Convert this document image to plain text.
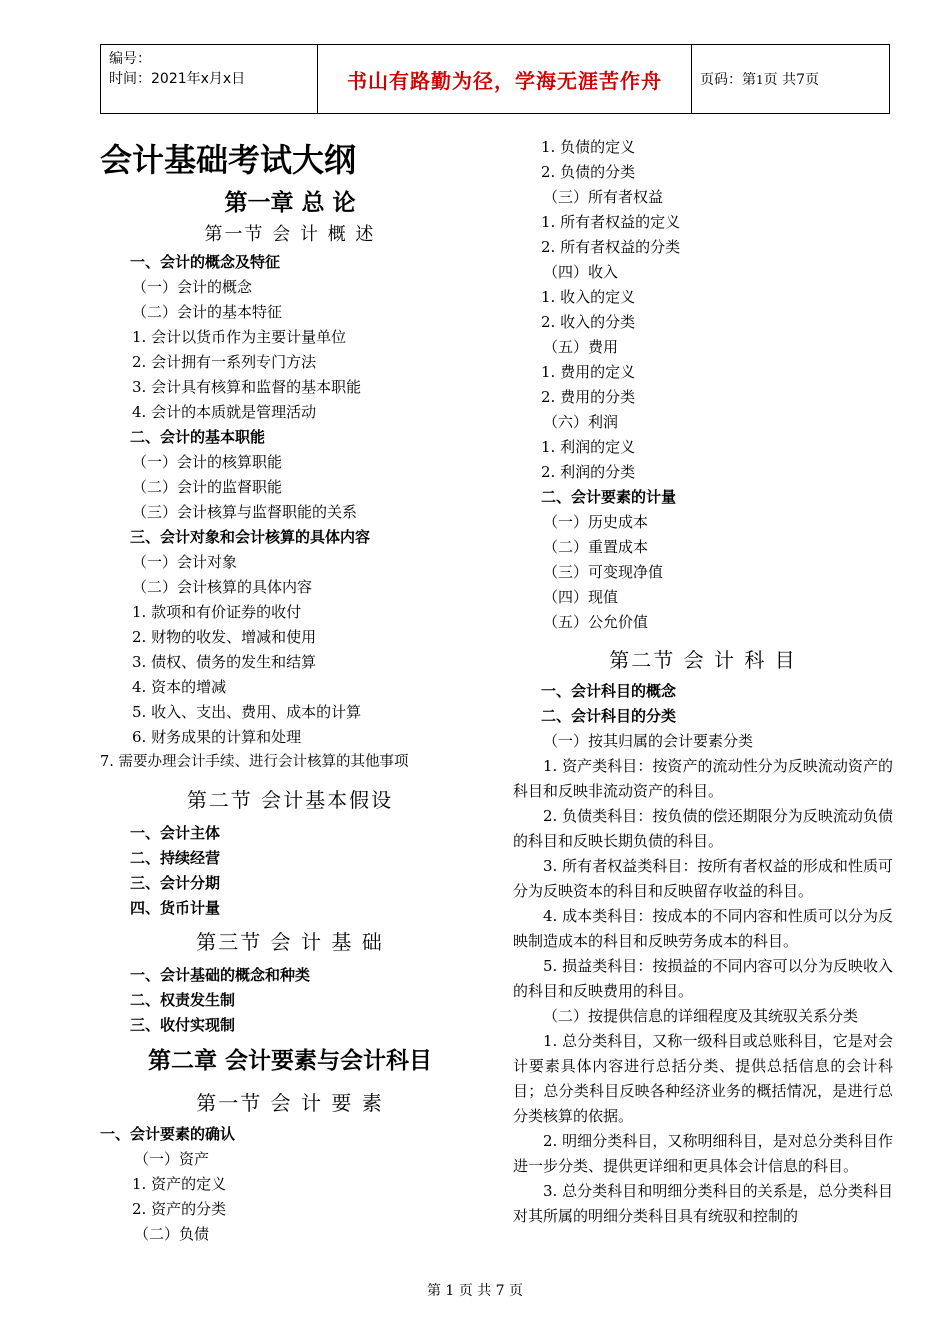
编号：
时间：2021年x月x日	书山有路勤为径，学海无涯苦作舟	页码：第1页 共7页
会计基础考试大纲
第一章 总 论
第一节 会 计 概 述
一、会计的概念及特征
（一）会计的概念
（二）会计的基本特征
1. 会计以货币作为主要计量单位
2. 会计拥有一系列专门方法
3. 会计具有核算和监督的基本职能
4. 会计的本质就是管理活动
二、会计的基本职能
（一）会计的核算职能
（二）会计的监督职能
（三）会计核算与监督职能的关系
三、会计对象和会计核算的具体内容
（一）会计对象
（二）会计核算的具体内容
1. 款项和有价证券的收付
2. 财物的收发、增减和使用
3. 债权、债务的发生和结算
4. 资本的增减
5. 收入、支出、费用、成本的计算
6. 财务成果的计算和处理
7. 需要办理会计手续、进行会计核算的其他事项
第二节 会计基本假设
一、会计主体
二、持续经营
三、会计分期
四、货币计量
第三节 会 计 基 础
一、会计基础的概念和种类
二、权责发生制
三、收付实现制
第二章 会计要素与会计科目
第一节 会 计 要 素
一、会计要素的确认
（一）资产
1. 资产的定义
2. 资产的分类
（二）负债
1. 负债的定义
2. 负债的分类
（三）所有者权益
1. 所有者权益的定义
2. 所有者权益的分类
（四）收入
1. 收入的定义
2. 收入的分类
（五）费用
1. 费用的定义
2. 费用的分类
（六）利润
1. 利润的定义
2. 利润的分类
二、会计要素的计量
（一）历史成本
（二）重置成本
（三）可变现净值
（四）现值
（五）公允价值
第二节 会 计 科 目
一、会计科目的概念
二、会计科目的分类
（一）按其归属的会计要素分类
1. 资产类科目：按资产的流动性分为反映流动资产的科目和反映非流动资产的科目。
2. 负债类科目：按负债的偿还期限分为反映流动负债的科目和反映长期负债的科目。
3. 所有者权益类科目：按所有者权益的形成和性质可分为反映资本的科目和反映留存收益的科目。
4. 成本类科目：按成本的不同内容和性质可以分为反映制造成本的科目和反映劳务成本的科目。
5. 损益类科目：按损益的不同内容可以分为反映收入的科目和反映费用的科目。
（二）按提供信息的详细程度及其统驭关系分类
1. 总分类科目，又称一级科目或总账科目，它是对会计要素具体内容进行总括分类、提供总括信息的会计科目；总分类科目反映各种经济业务的概括情况，是进行总分类核算的依据。
2. 明细分类科目，又称明细科目，是对总分类科目作进一步分类、提供更详细和更具体会计信息的科目。
3. 总分类科目和明细分类科目的关系是，总分类科目对其所属的明细分类科目具有统驭和控制的
第 1 页 共 7 页
